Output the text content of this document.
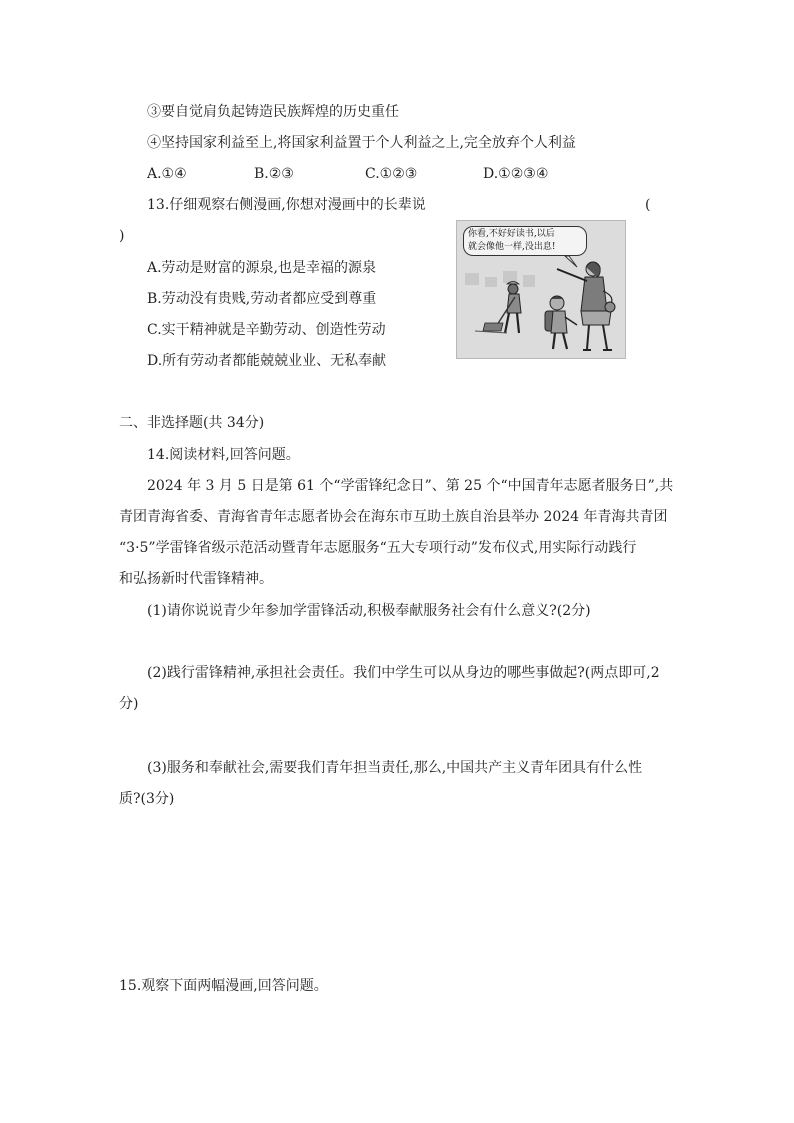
③要自觉肩负起铸造民族辉煌的历史重任
④坚持国家利益至上,将国家利益置于个人利益之上,完全放弃个人利益
A.①④	B.②③	C.①②③	D.①②③④
13.仔细观察右侧漫画,你想对漫画中的长辈说	(
)
A.劳动是财富的源泉,也是幸福的源泉
B.劳动没有贵贱,劳动者都应受到尊重
C.实干精神就是辛勤劳动、创造性劳动
D.所有劳动者都能兢兢业业、无私奉献
你看,不好好读书,以后
就会像他一样,没出息!
二、非选择题(共 34分)
14.阅读材料,回答问题。
2024 年 3 月 5 日是第 61 个“学雷锋纪念日”、第 25 个“中国青年志愿者服务日”,共
青团青海省委、青海省青年志愿者协会在海东市互助土族自治县举办 2024 年青海共青团
“3·5”学雷锋省级示范活动暨青年志愿服务“五大专项行动”发布仪式,用实际行动践行
和弘扬新时代雷锋精神。
(1)请你说说青少年参加学雷锋活动,积极奉献服务社会有什么意义?(2分)
(2)践行雷锋精神,承担社会责任。我们中学生可以从身边的哪些事做起?(两点即可,2
分)
(3)服务和奉献社会,需要我们青年担当责任,那么,中国共产主义青年团具有什么性
质?(3分)
15.观察下面两幅漫画,回答问题。
